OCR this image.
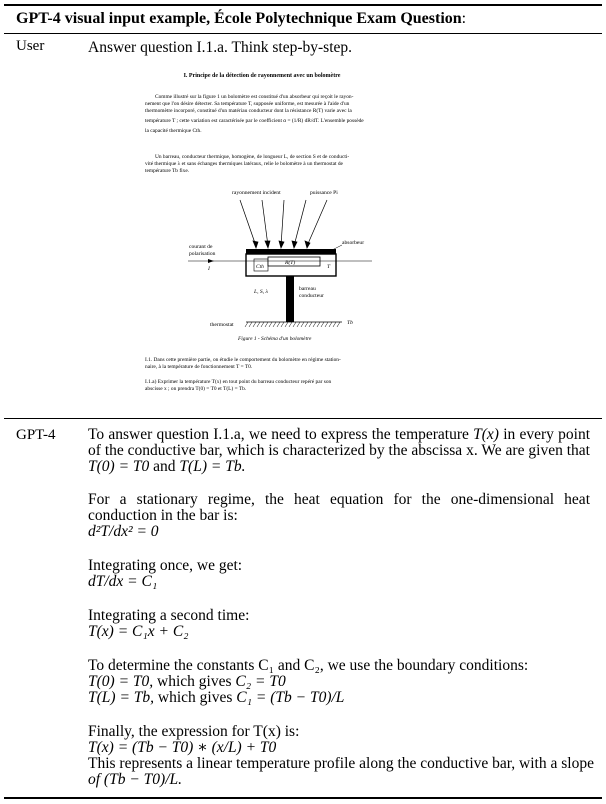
GPT-4 visual input example, École Polytechnique Exam Question:
User	Answer question I.1.a. Think step-by-step.
I. Principe de la détection de rayonnement avec un bolomètre
Comme illustré sur la figure 1 un bolomètre est constitué d'un absorbeur qui reçoit le rayon-
nement que l'on désire détecter. Sa température T, supposée uniforme, est mesurée à l'aide d'un
thermomètre incorporé, constitué d'un matériau conducteur dont la résistance R(T) varie avec la
température T ; cette variation est caractérisée par le coefficient α = (1/R) dR/dT. L'ensemble possède
la capacité thermique Cth.
Un barreau, conducteur thermique, homogène, de longueur L, de section S et de conducti-
vité thermique λ et sans échanges thermiques latéraux, relie le bolomètre à un thermostat de
température Tb fixe.
rayonnement incident	puissance Pi
absorbeur
Cth
R(T)
T
courant de
polarisation
I
L, S, λ	barreau
conducteur
thermostat	Tb
Figure 1 - Schéma d'un bolomètre
I.1. Dans cette première partie, on étudie le comportement du bolomètre en régime station-
naire, à la température de fonctionnement T = T0.
I.1.a) Exprimer la température T(x) en tout point du barreau conducteur repéré par son
abscisse x ; on prendra T(0) = T0 et T(L) = Tb.
GPT-4 To answer question I.1.a, we need to express the temperature T(x) in every point
of the conductive bar, which is characterized by the abscissa x. We are given that
T(0) = T0 and T(L) = Tb.
For a stationary regime, the heat equation for the one-dimensional heat
conduction in the bar is:
d²T/dx² = 0
Integrating once, we get:
dT/dx = C₁
Integrating a second time:
T(x) = C₁x + C₂
To determine the constants C₁ and C₂, we use the boundary conditions:
T(0) = T0, which gives C₂ = T0
T(L) = Tb, which gives C₁ = (Tb − T0)/L
Finally, the expression for T(x) is:
T(x) = (Tb − T0) ∗ (x/L) + T0
This represents a linear temperature profile along the conductive bar, with a slope
of (Tb − T0)/L.
